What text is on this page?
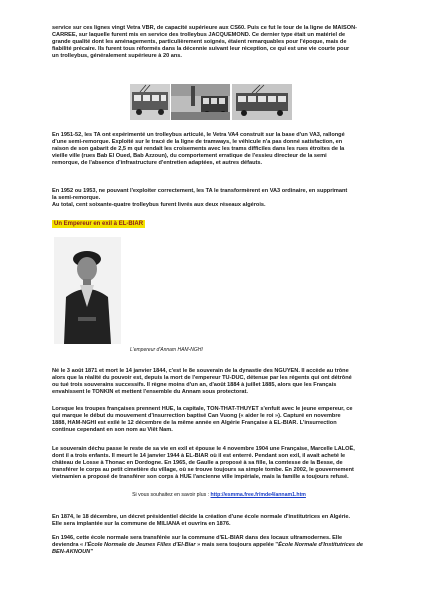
service sur ces lignes vingt Vetra VBR, de capacité supérieure aux CS60. Puis ce fut le tour de la ligne de MAISON-
CARREE, sur laquelle furent mis en service des trolleybus JACQUEMOND. Ce dernier type était un matériel de
grande qualité dont les aménagements, particulièrement soignés, étaient remarquables pour l'époque, mais de
fiabilité précaire. Ils furent tous réformés dans la décennie suivant leur réception, ce qui est une vie courte pour
un trolleybus, généralement supérieure à 20 ans.
En 1951-52, les TA ont expérimenté un trolleybus articulé, le Vetra VA4 construit sur la base d'un VA3, rallongé
d'une semi-remorque. Exploité sur le tracé de la ligne de tramways, le véhicule n'a pas donné satisfaction, en
raison de son gabarit de 2,5 m qui rendait les croisements avec les trams difficiles dans les rues étroites de la
vieille ville (rues Bab El Oued, Bab Azzoun), du comportement erratique de l'essieu directeur de la semi
remorque, de l'absence d'infrastructure d'entretien adaptées, et autres défauts.
En 1952 ou 1953, ne pouvant l'exploiter correctement, les TA le transformèrent en VA3 ordinaire, en supprimant
la semi-remorque.
Au total, cent soixante-quatre trolleybus furent livrés aux deux réseaux algérois.
Un Empereur en exil à EL-BIAR
L'empereur d'Annam HAM-NGHI
Né le 3 août 1871 et mort le 14 janvier 1844, c'est le 8e souverain de la dynastie des NGUYEN. Il accède au trône
alors que la réalité du pouvoir est, depuis la mort de l'empereur TU-DUC, détenue par les régents qui ont détrôné
ou tué trois souverains successifs. Il règne moins d'un an, d'août 1884 à juillet 1885, alors que les Français
envahissent le TONKIN et mettent l'ensemble du Annam sous protectorat.
Lorsque les troupes françaises prennent HUE, la capitale, TON-THAT-THUYET s'enfuit avec le jeune empereur, ce
qui marque le début du mouvement d'insurrection baptisé Can Vuong (« aider le roi »). Capturé en novembre
1888, HAM-NGHI est exilé le 12 décembre de la même année en Algérie Française à EL-BIAR. L'insurrection
continue cependant en son nom au Viêt Nam.
Le souverain déchu passe le reste de sa vie en exil et épouse le 4 novembre 1904 une Française, Marcelle LALOË,
dont il a trois enfants. Il meurt le 14 janvier 1944 à EL-BIAR où il est enterré. Pendant son exil, il avait acheté le
château de Losse à Thonac en Dordogne. En 1965, de Gaulle a proposé à sa fille, la comtesse de la Besse, de
transférer le corps au petit cimetière du village, où se trouve toujours sa simple tombe. En 2002, le gouvernement
vietnamien a proposé de transférer son corps à HUE l'ancienne ville impériale, mais la famille a toujours refusé.
Si vous souhaitez en savoir plus : http://esmma.free.fr/mde4/annam1.htm
En 1874, le 18 décembre, un décret présidentiel décide la création d'une école normale d'institutrices en Algérie.
Elle sera implantée sur la commune de MILIANA et ouvrira en 1876.
En 1946, cette école normale sera transférée sur la commune d'EL-BIAR dans des locaux ultramodernes. Elle
deviendra « l'École Normale de Jeunes Filles d'El-Biar » mais sera toujours appelée "École Normale d'Institutrices de
BEN-AKNOUN"
